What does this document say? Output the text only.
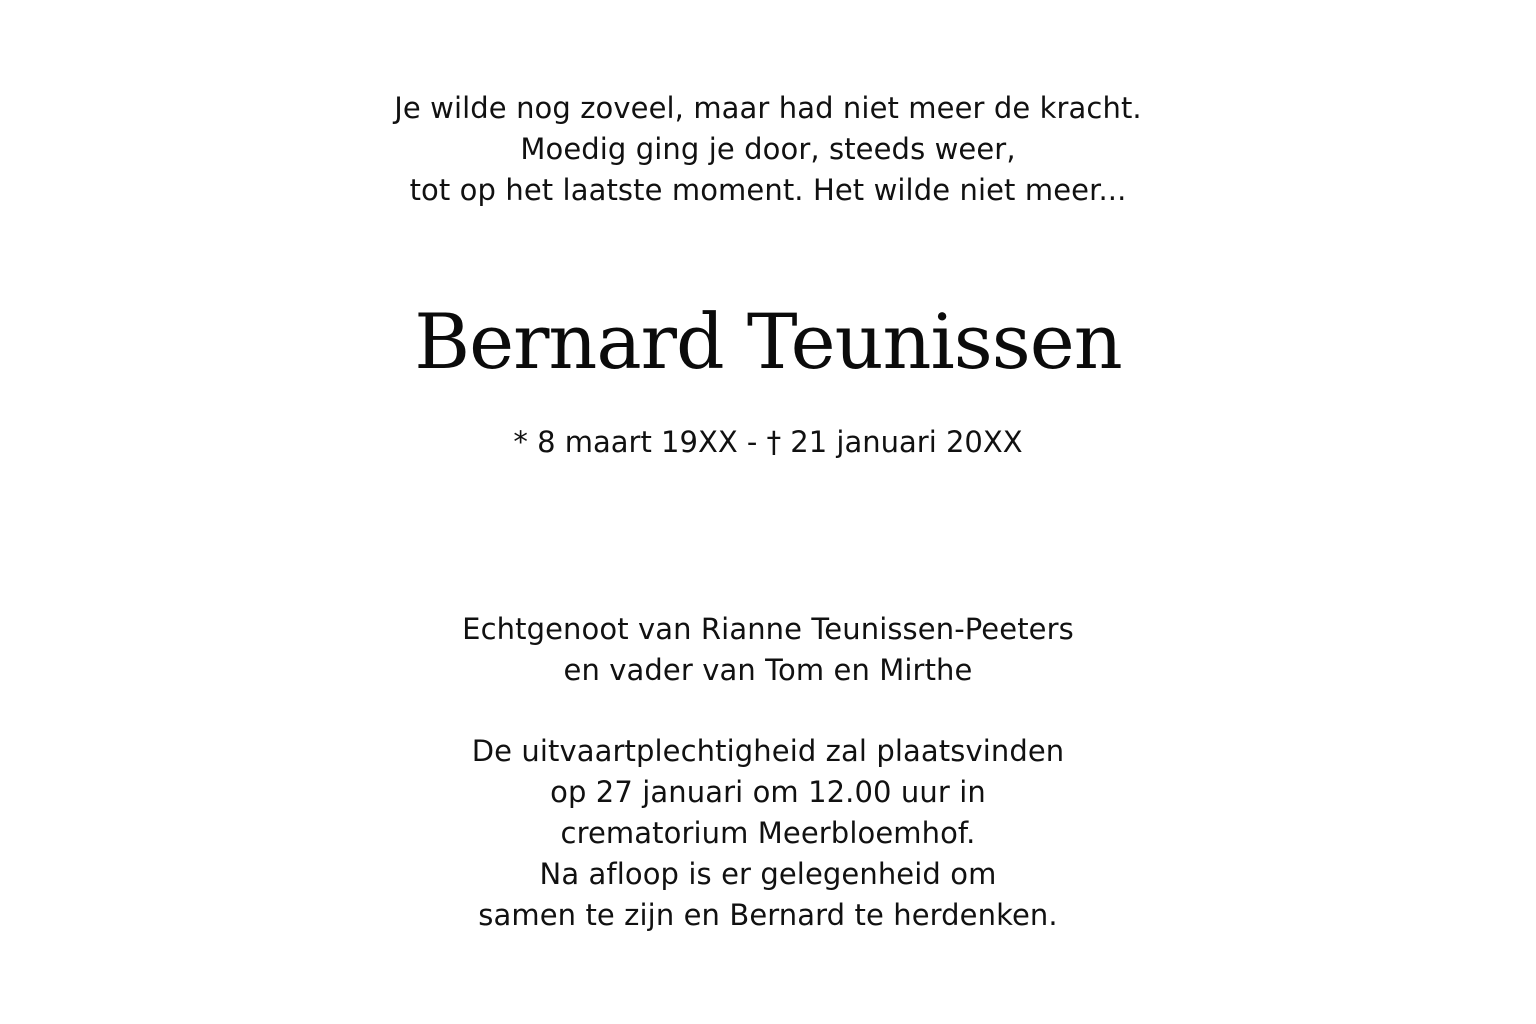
Je wilde nog zoveel, maar had niet meer de kracht.
Moedig ging je door, steeds weer,
tot op het laatste moment. Het wilde niet meer...
Bernard Teunissen
* 8 maart 19XX - † 21 januari 20XX
Echtgenoot van Rianne Teunissen-Peeters
en vader van Tom en Mirthe
De uitvaartplechtigheid zal plaatsvinden
op 27 januari om 12.00 uur in
crematorium Meerbloemhof.
Na afloop is er gelegenheid om
samen te zijn en Bernard te herdenken.
